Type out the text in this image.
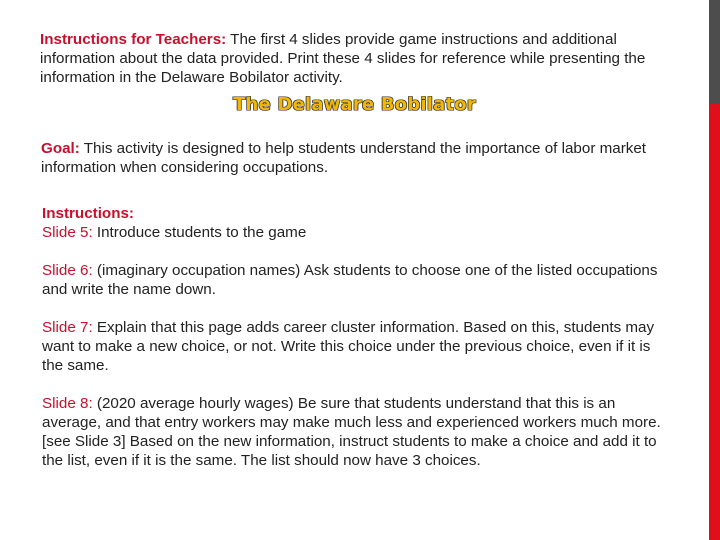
Instructions for Teachers: The first 4 slides provide game instructions and additional information about the data provided. Print these 4 slides for reference while presenting the information in the Delaware Bobilator activity.

The Delaware Bobilator

Goal: This activity is designed to help students understand the importance of labor market information when considering occupations.

Instructions:
Slide 5: Introduce students to the game
Slide 6: (imaginary occupation names) Ask students to choose one of the listed occupations and write the name down.
Slide 7: Explain that this page adds career cluster information. Based on this, students may want to make a new choice, or not. Write this choice under the previous choice, even if it is the same.
Slide 8: (2020 average hourly wages) Be sure that students understand that this is an average, and that entry workers may make much less and experienced workers much more. [see Slide 3] Based on the new information, instruct students to make a choice and add it to the list, even if it is the same. The list should now have 3 choices.
